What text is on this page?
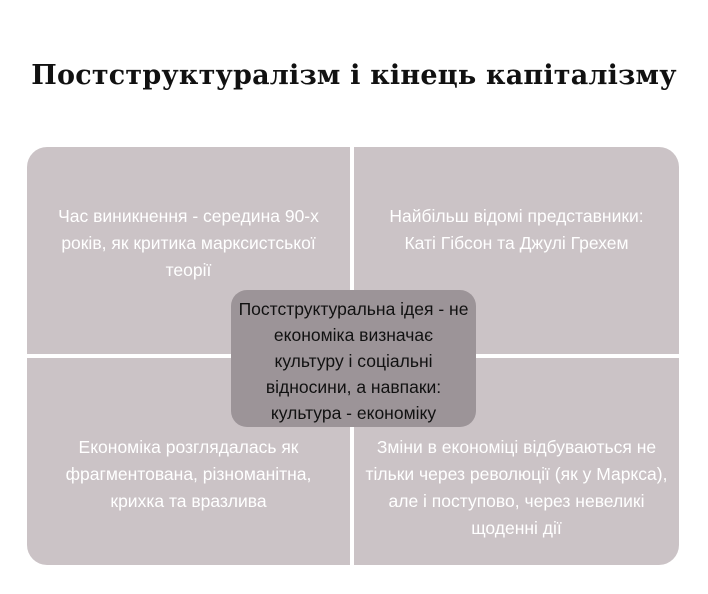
Постструктуралізм і кінець капіталізму
Час виникнення - середина 90-х років, як критика марксистської теорії
Найбільш відомі представники: Каті Гібсон та Джулі Грехем
Економіка розглядалась як фрагментована, різноманітна, крихка та вразлива
Зміни в економіці відбуваються не тільки через революції (як у Маркса), але і поступово, через невеликі щоденні дії
Постструктуральна ідея - не економіка визначає культуру і соціальні відносини, а навпаки: культура - економіку
